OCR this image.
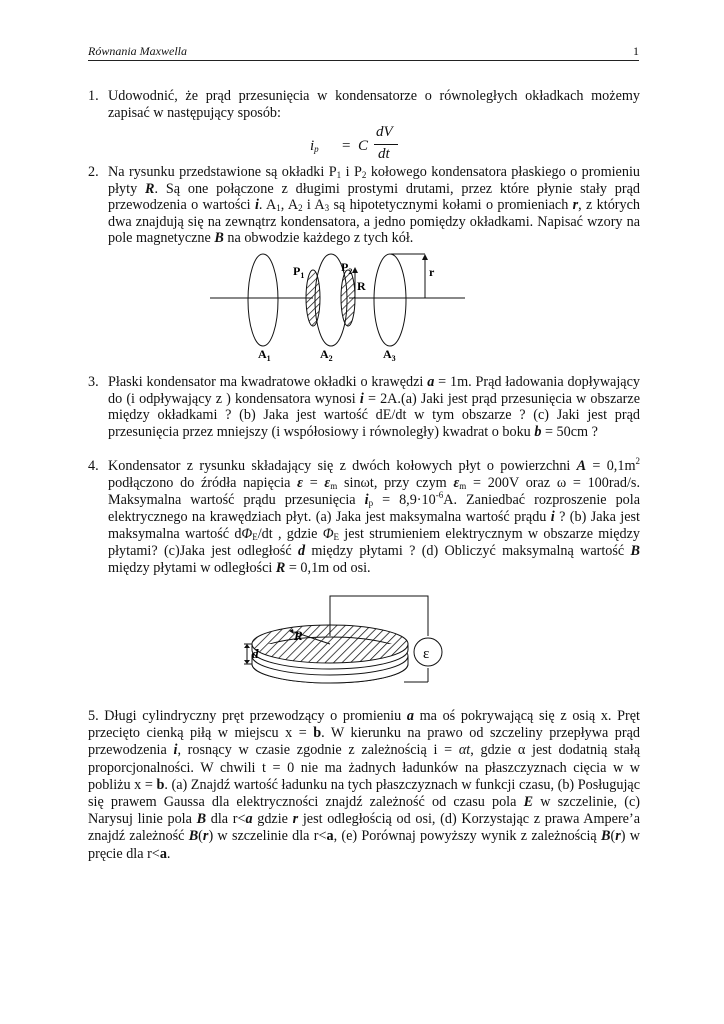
Równania Maxwella	1
1. Udowodnić, że prąd przesunięcia w kondensatorze o równoległych okładkach możemy zapisać w następujący sposób:
$i_p = C$
dV
dt
2. Na rysunku przedstawione są okładki $P_1$ i $P_2$ kołowego kondensatora płaskiego o promieniu płyty R. Są one połączone z długimi prostymi drutami, przez które płynie stały prąd przewodzenia o wartości i. $A_1$, $A_2$ i $A_3$ są hipotetycznymi kołami o promieniach r, z których dwa znajdują się na zewnątrz kondensatora, a jedno pomiędzy okładkami. Napisać wzory na pole magnetyczne B na obwodzie każdego z tych kół.
$P_1$
$P_2$
R
r
$A_1$	$A_2$	$A_3$
3. Płaski kondensator ma kwadratowe okładki o krawędzi a = 1m. Prąd ładowania dopływający do (i odpływający z ) kondensatora wynosi i = 2A.(a) Jaki jest prąd przesunięcia w obszarze między okładkami ? (b) Jaka jest wartość dE/dt w tym obszarze ? (c) Jaki jest prąd przesunięcia przez mniejszy (i współosiowy i równoległy) kwadrat o boku b = 50cm ?
4. Kondensator z rysunku składający się z dwóch kołowych płyt o powierzchni $A = 0,1m^2$ podłączono do źródła napięcia $\varepsilon = \varepsilon_m$ sinωt, przy czym $\varepsilon_m = 200V$ oraz ω = 100rad/s. Maksymalna wartość prądu przesunięcia $i_p = 8,9\cdot 10^{-6}A$. Zaniedbać rozproszenie pola elektrycznego na krawędziach płyt. (a) Jaka jest maksymalna wartość prądu i ? (b) Jaka jest maksymalna wartość $d\Phi_E/dt$ , gdzie $\Phi_E$ jest strumieniem elektrycznym w obszarze między płytami? (c)Jaka jest odległość d między płytami ? (d) Obliczyć maksymalną wartość B między płytami w odległości R = 0,1m od osi.
d
R
ε
5. Długi cylindryczny pręt przewodzący o promieniu a ma oś pokrywającą się z osią x. Pręt przecięto cienką piłą w miejscu x = b. W kierunku na prawo od szczeliny przepływa prąd przewodzenia i, rosnący w czasie zgodnie z zależnością i = αt, gdzie α jest dodatnią stałą proporcjonalności. W chwili t = 0 nie ma żadnych ładunków na płaszczyznach cięcia w w pobliżu x = b. (a) Znajdź wartość ładunku na tych płaszczyznach w funkcji czasu, (b) Posługując się prawem Gaussa dla elektryczności znajdź zależność od czasu pola E w szczelinie, (c) Narysuj linie pola B dla r<a gdzie r jest odległością od osi, (d) Korzystając z prawa Ampere’a znajdź zależność B(r) w szczelinie dla r<a, (e) Porównaj powyższy wynik z zależnością B(r) w pręcie dla r<a.
